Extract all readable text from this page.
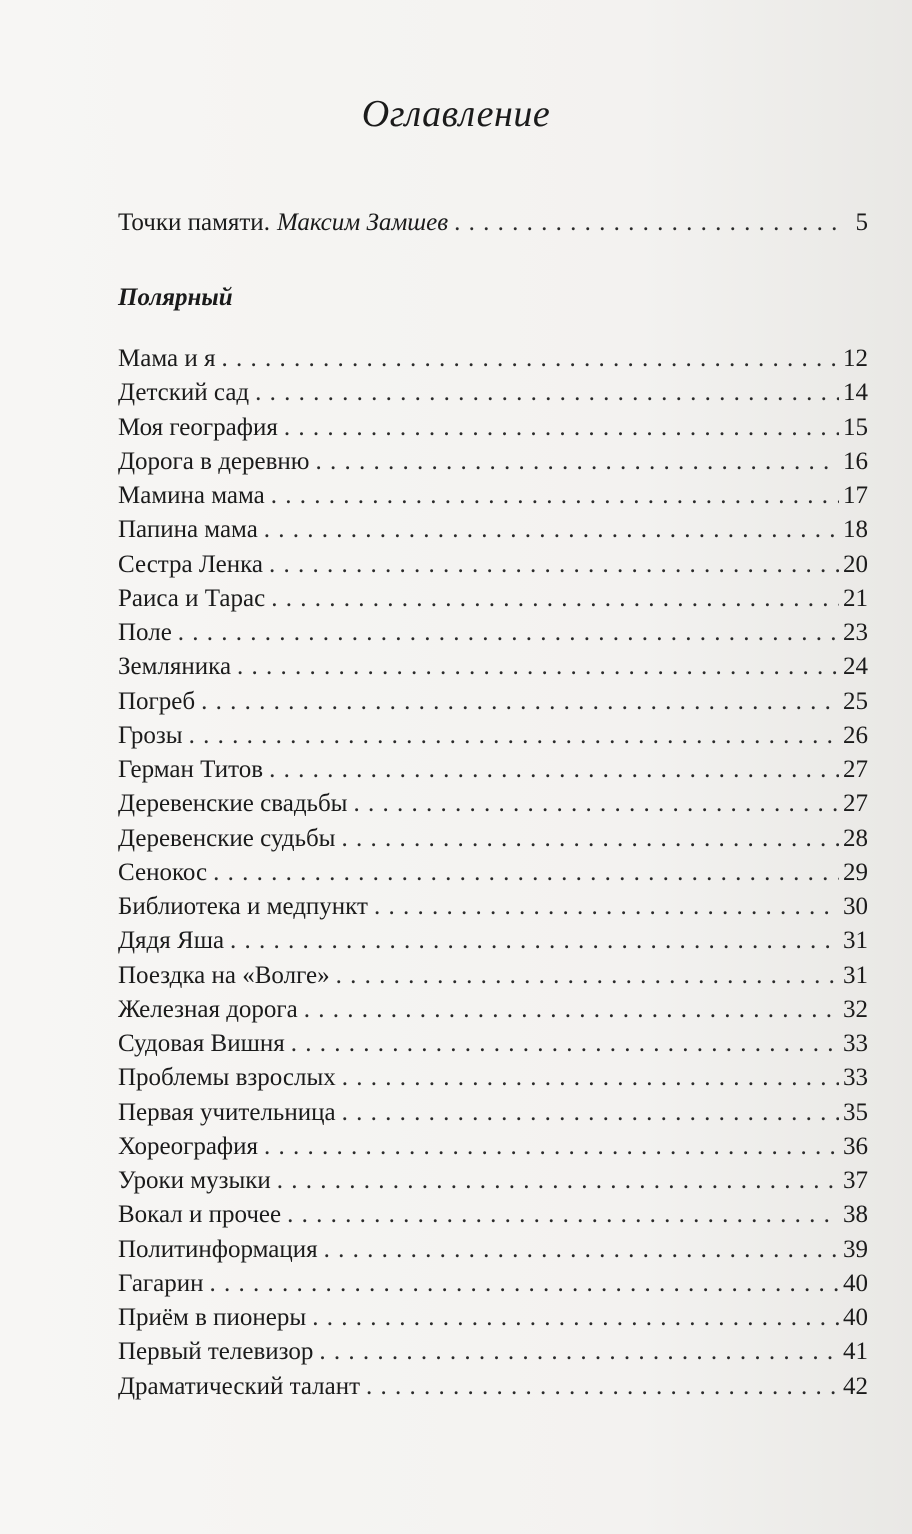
Оглавление
Точки памяти. Максим Замшев . . .	5
Полярный
Мама и я . . .	12
Детский сад . . .	14
Моя география . . .	15
Дорога в деревню . . .	16
Мамина мама . . .	17
Папина мама . . .	18
Сестра Ленка . . .	20
Раиса и Тарас . . .	21
Поле . . .	23
Земляника . . .	24
Погреб . . .	25
Грозы . . .	26
Герман Титов . . .	27
Деревенские свадьбы . . .	27
Деревенские судьбы . . .	28
Сенокос . . .	29
Библиотека и медпункт . . .	30
Дядя Яша . . .	31
Поездка на «Волге» . . .	31
Железная дорога . . .	32
Судовая Вишня . . .	33
Проблемы взрослых . . .	33
Первая учительница . . .	35
Хореография . . .	36
Уроки музыки . . .	37
Вокал и прочее . . .	38
Политинформация . . .	39
Гагарин . . .	40
Приём в пионеры . . .	40
Первый телевизор . . .	41
Драматический талант . . .	42
